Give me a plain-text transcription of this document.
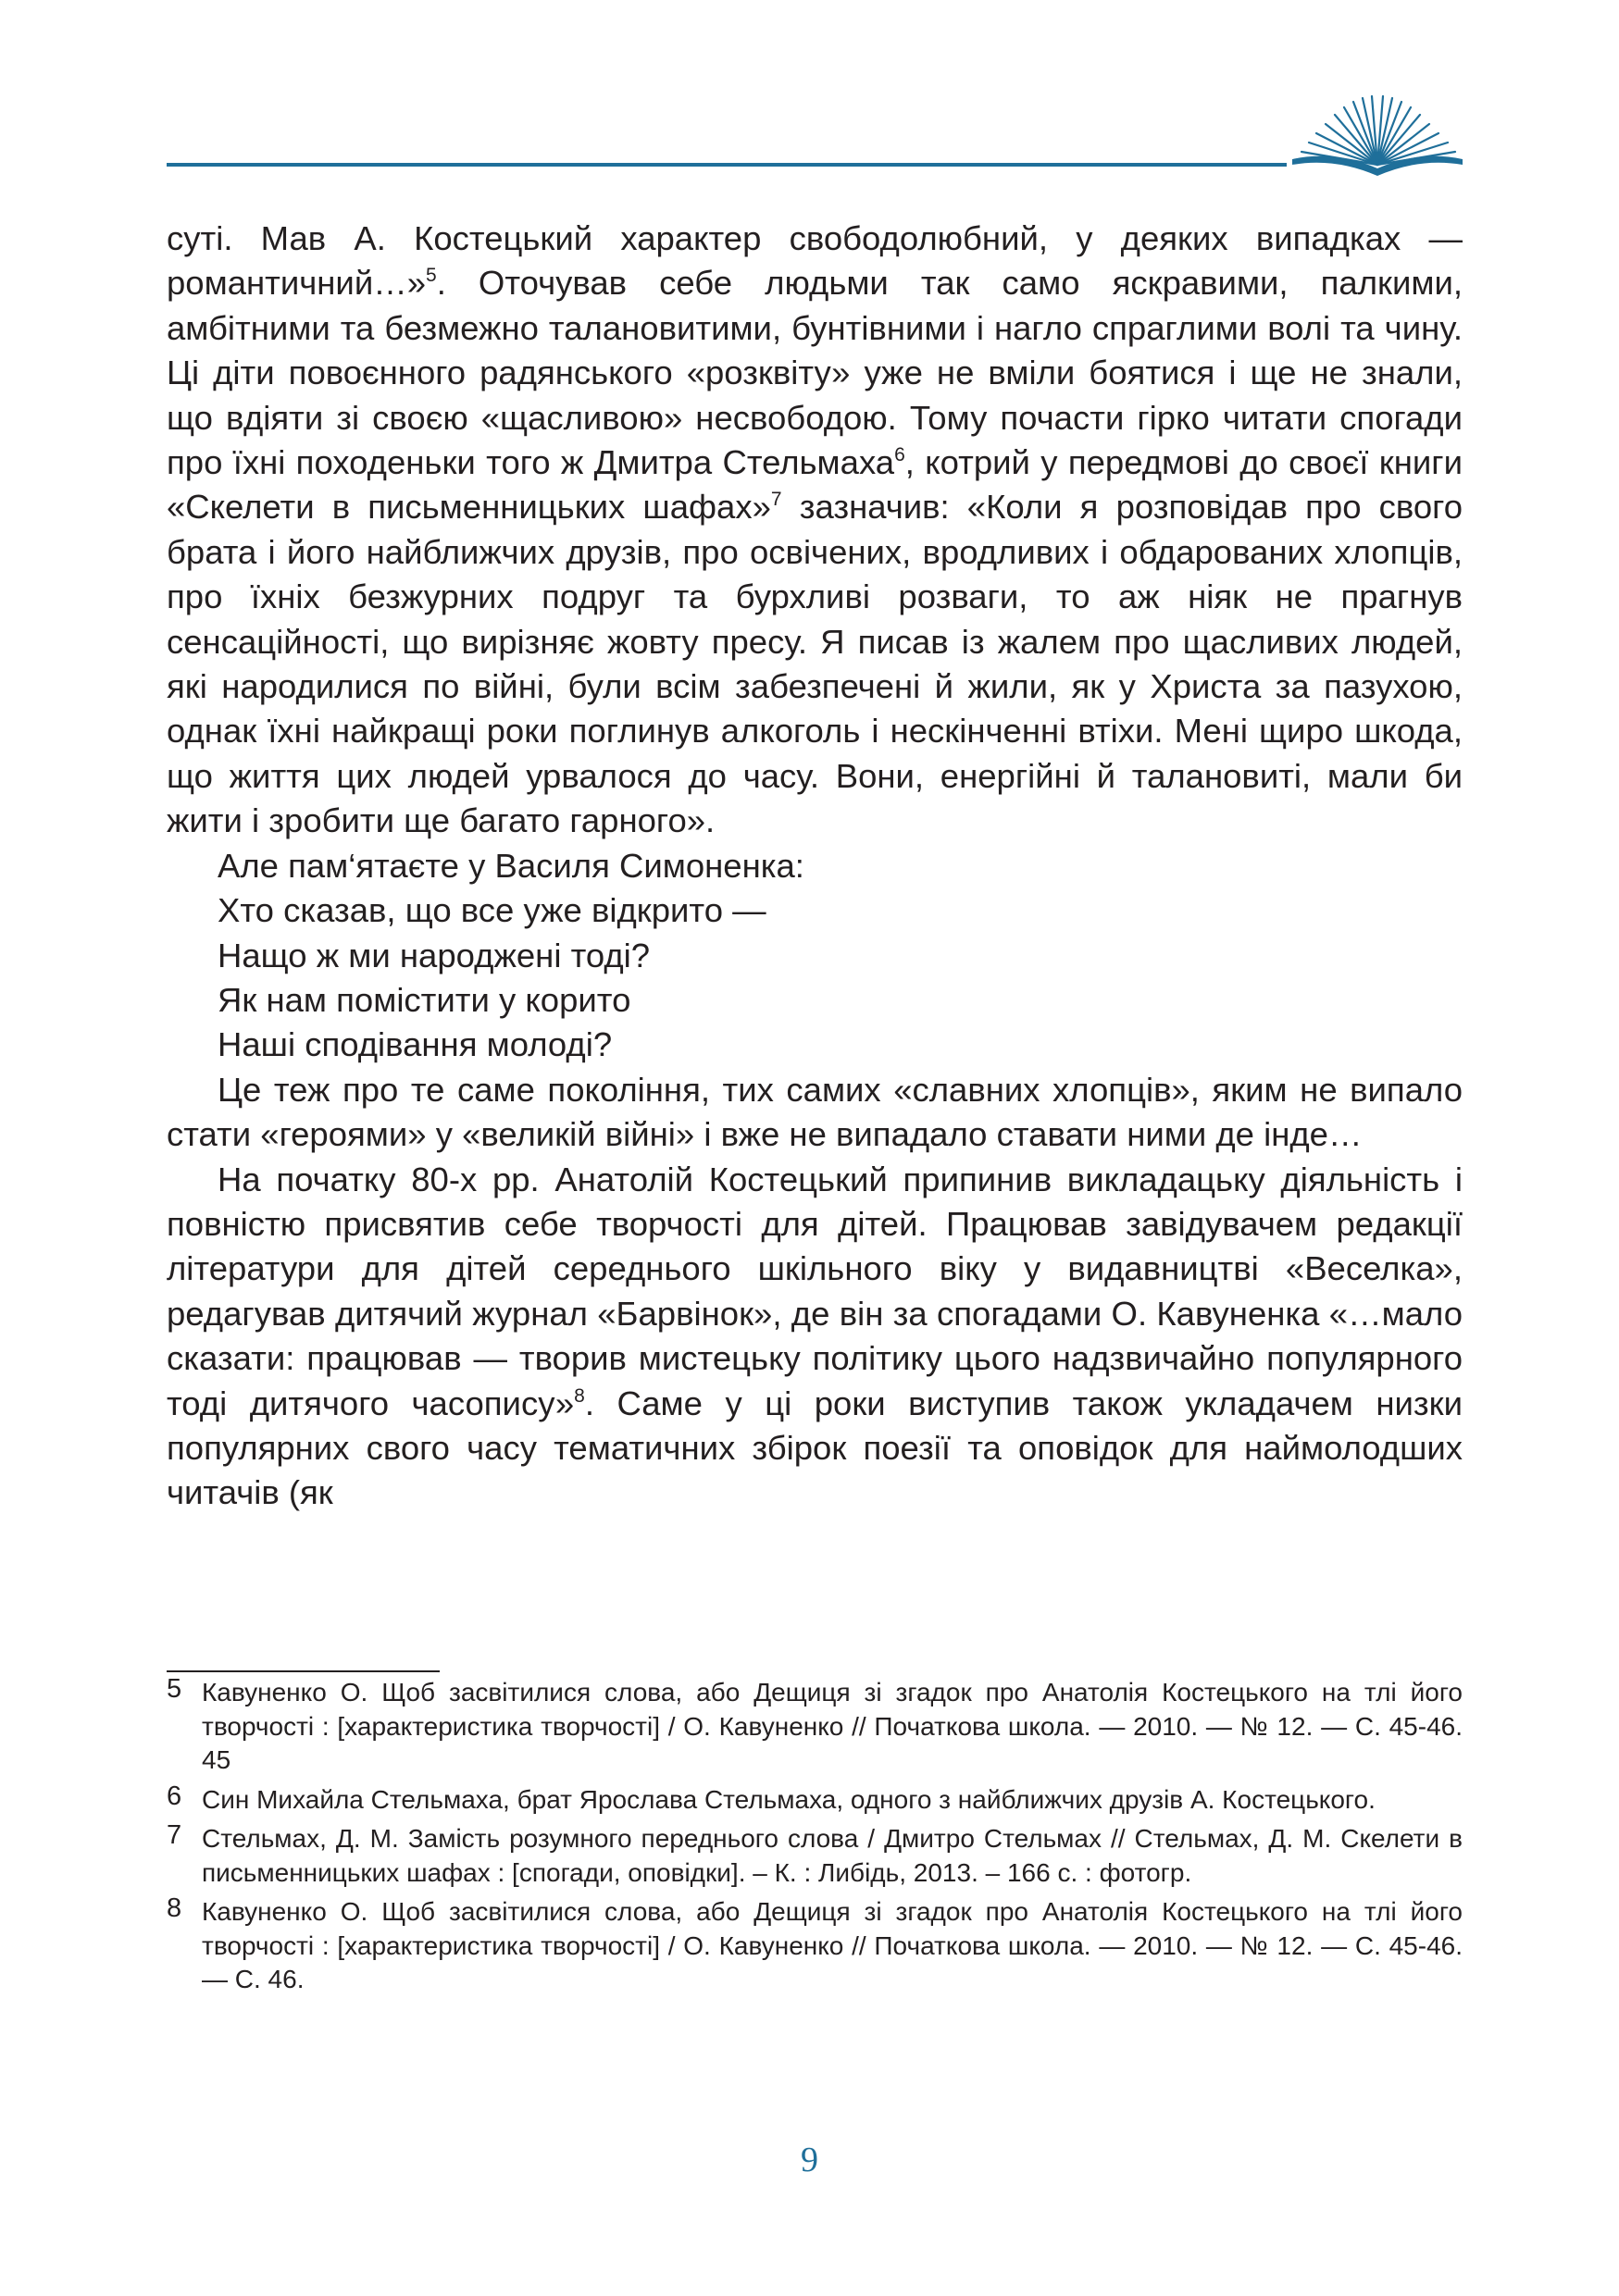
суті. Мав А. Костецький характер свободолюбний, у деяких випадках — романтичний…»$^5$. Оточував себе людьми так само яскравими, палкими, амбітними та безмежно талановитими, бунтівними і нагло спраглими волі та чину. Ці діти повоєнного радянського «розквіту» уже не вміли боятися і ще не знали, що вдіяти зі своєю «щасливою» несвободою. Тому почасти гірко читати спогади про їхні походеньки того ж Дмитра Стельмаха$^6$, котрий у передмові до своєї книги «Скелети в письменницьких шафах»$^7$ зазначив: «Коли я розповідав про свого брата і його найближчих друзів, про освічених, вродливих і обдарованих хлопців, про їхніх безжурних подруг та бурхливі розваги, то аж ніяк не прагнув сенсаційності, що вирізняє жовту пресу. Я писав із жалем про щасливих людей, які народилися по війні, були всім забезпечені й жили, як у Христа за пазухою, однак їхні найкращі роки поглинув алкоголь і нескінченні втіхи. Мені щиро шкода, що життя цих людей урвалося до часу. Вони, енергійні й талановиті, мали би жити і зробити ще багато гарного».

Але пам‘ятаєте у Василя Симоненка:

Хто сказав, що все уже відкрито —

Нащо ж ми народжені тоді?

Як нам помістити у корито

Наші сподівання молоді?

Це теж про те саме покоління, тих самих «славних хлопців», яким не випало стати «героями» у «великій війні» і вже не випадало ставати ними де інде…

На початку 80-х рр. Анатолій Костецький припинив викладацьку діяльність і повністю присвятив себе творчості для дітей. Працював завідувачем редакції літератури для дітей середнього шкільного віку у видавництві «Веселка», редагував дитячий журнал «Барвінок», де він за спогадами О. Кавуненка «…мало сказати: працював — творив мистецьку політику цього надзвичайно популярного тоді дитячого часопису»$^8$. Саме у ці роки виступив також укладачем низки популярних свого часу тематичних збірок поезії та оповідок для наймолодших читачів (як

5 Кавуненко О. Щоб засвітилися слова, або Дещиця зі згадок про Анатолія Костецького на тлі його творчості : [характеристика творчості] / О. Кавуненко // Початкова школа. — 2010. — № 12. — С. 45-46. 45

6 Син Михайла Стельмаха, брат Ярослава Стельмаха, одного з найближчих друзів А. Костецького.

7 Стельмах, Д. М. Замість розумного переднього слова / Дмитро Стельмах // Стельмах, Д. М. Скелети в письменницьких шафах : [спогади, оповідки]. – К. : Либідь, 2013. – 166 с. : фотогр.

8 Кавуненко О. Щоб засвітилися слова, або Дещиця зі згадок про Анатолія Костецького на тлі його творчості : [характеристика творчості] / О. Кавуненко // Початкова школа. — 2010. — № 12. — С. 45-46. — С. 46.

9
